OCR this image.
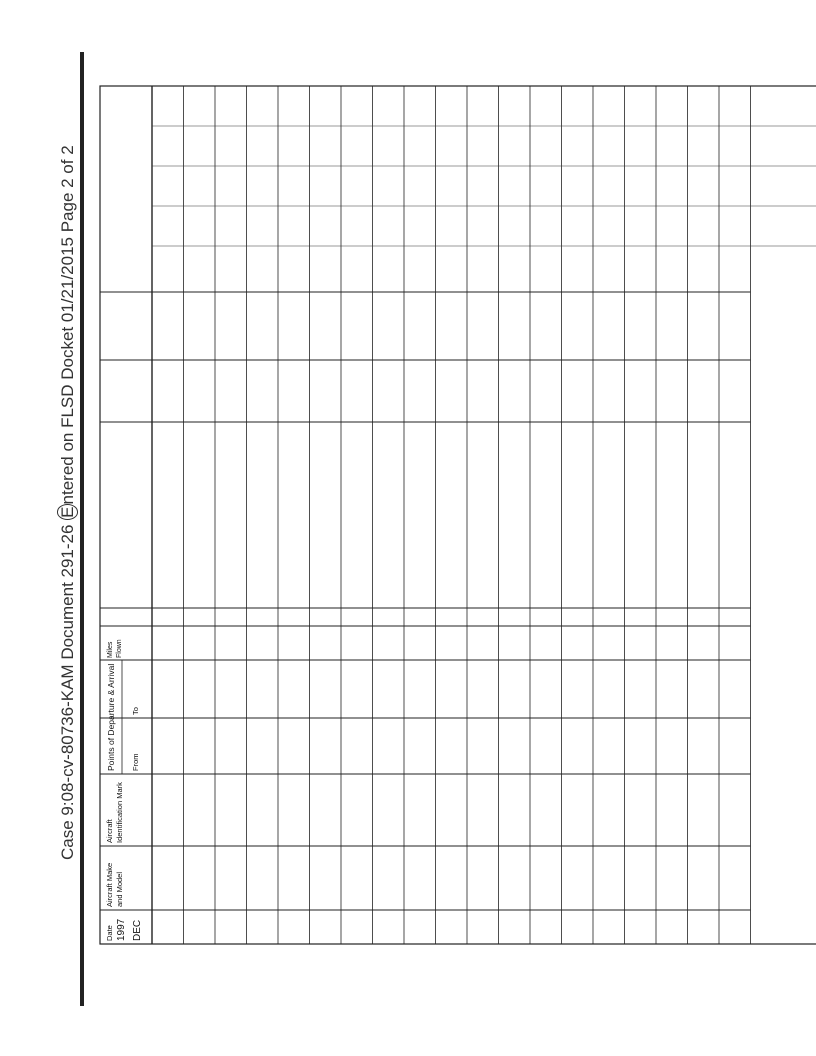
Case 9:08-cv-80736-KAM Document 291-26 Entered on FLSD Docket 01/21/2015 Page 2 of 2
Date 1997 DEC
Aircraft Make and Model
Aircraft Identification Mark
Points of Departure & Arrival From
To
Miles Flown
